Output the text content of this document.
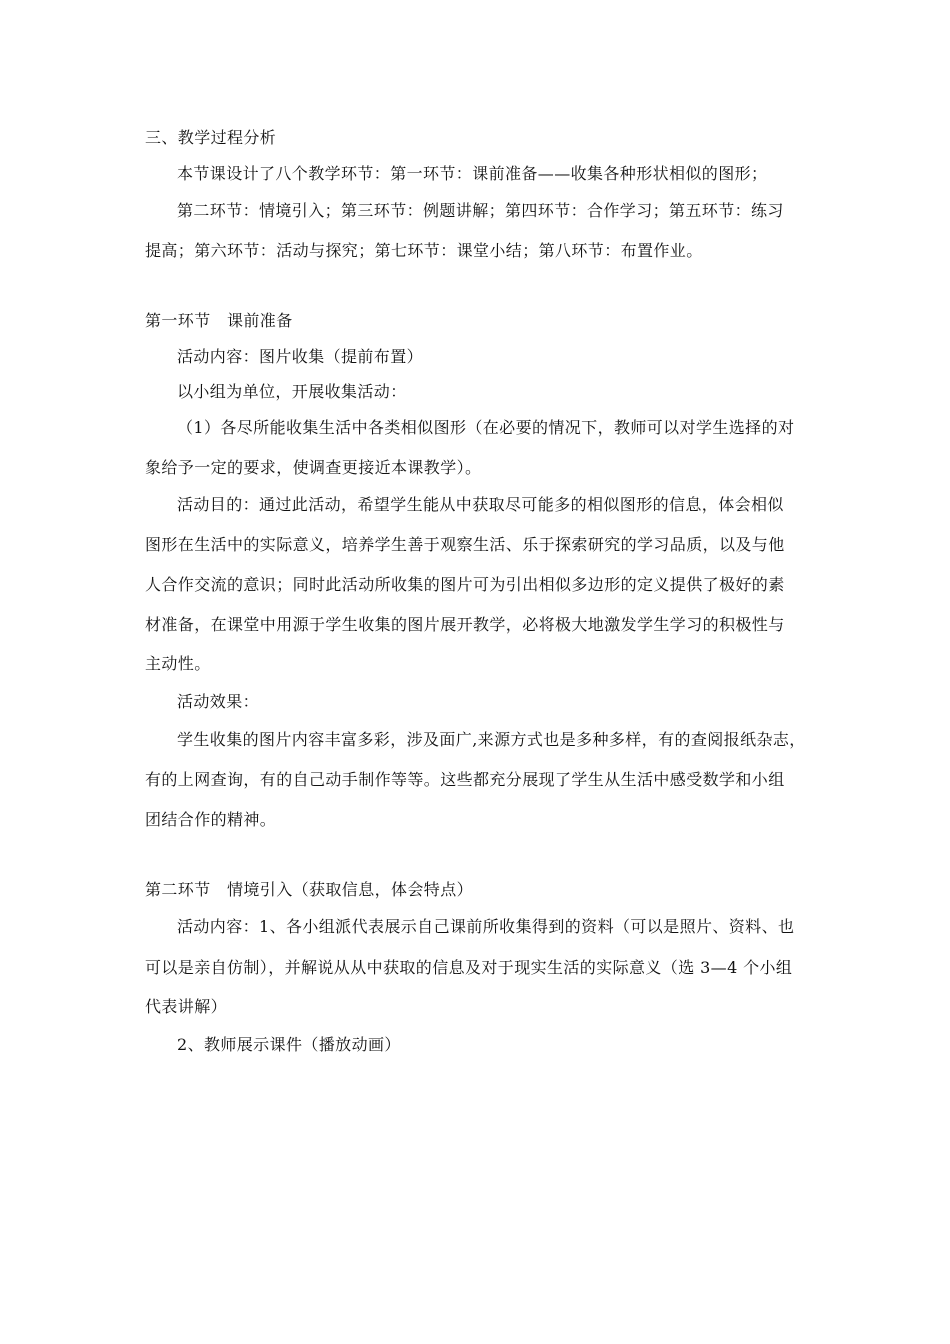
三、教学过程分析
本节课设计了八个教学环节：第一环节：课前准备——收集各种形状相似的图形；
第二环节：情境引入；第三环节：例题讲解；第四环节：合作学习；第五环节：练习
提高；第六环节：活动与探究；第七环节：课堂小结；第八环节：布置作业。
第一环节　课前准备
活动内容：图片收集（提前布置）
以小组为单位，开展收集活动：
（1）各尽所能收集生活中各类相似图形（在必要的情况下，教师可以对学生选择的对
象给予一定的要求，使调查更接近本课教学）。
活动目的：通过此活动，希望学生能从中获取尽可能多的相似图形的信息，体会相似
图形在生活中的实际意义，培养学生善于观察生活、乐于探索研究的学习品质，以及与他
人合作交流的意识；同时此活动所收集的图片可为引出相似多边形的定义提供了极好的素
材准备，在课堂中用源于学生收集的图片展开教学，必将极大地激发学生学习的积极性与
主动性。
活动效果：
学生收集的图片内容丰富多彩，涉及面广,来源方式也是多种多样，有的查阅报纸杂志，
有的上网查询，有的自己动手制作等等。这些都充分展现了学生从生活中感受数学和小组
团结合作的精神。
第二环节　情境引入（获取信息，体会特点）
活动内容：1、各小组派代表展示自己课前所收集得到的资料（可以是照片、资料、也
可以是亲自仿制），并解说从从中获取的信息及对于现实生活的实际意义（选 3—4 个小组
代表讲解）
2、教师展示课件（播放动画）
